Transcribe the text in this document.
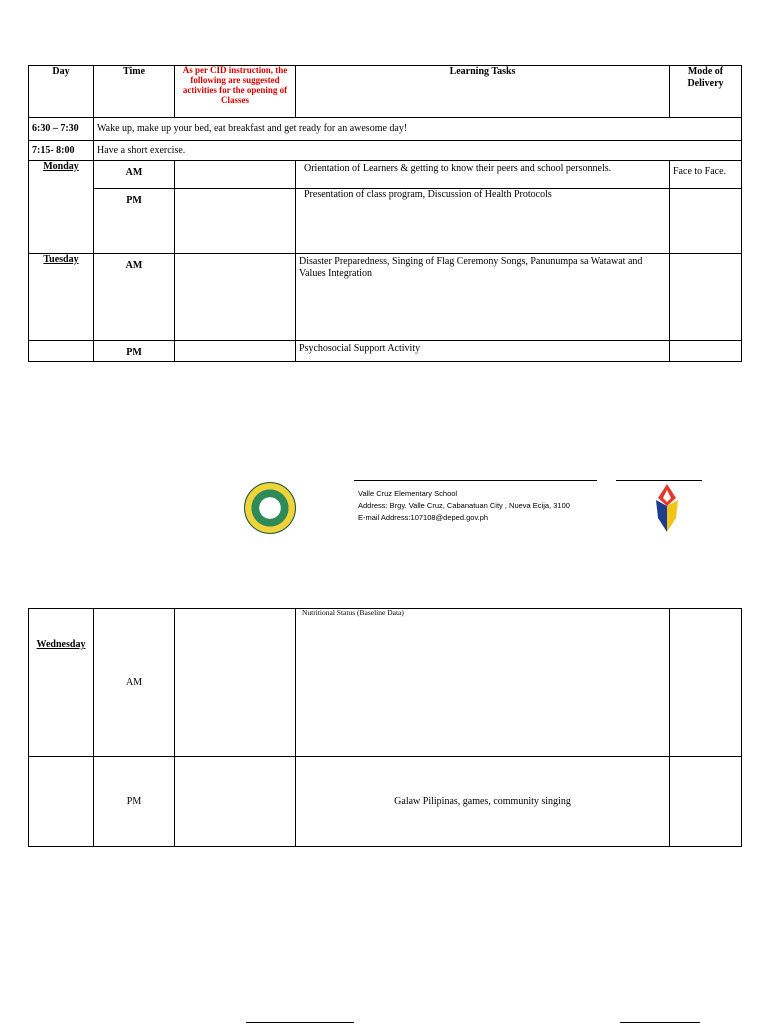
Day	Time	As per CID instruction, the following are suggested activities for the opening of Classes	Learning Tasks	Mode of Delivery
6:30 – 7:30	Wake up, make up your bed, eat breakfast and get ready for an awesome day!			
7:15- 8:00	Have a short exercise.			
Monday	AM		Orientation of Learners & getting to know their peers and school personnels.	Face to Face.
	PM		Presentation of class program, Discussion of Health Protocols	
Tuesday	AM		Disaster Preparedness, Singing of Flag Ceremony Songs, Panunumpa sa Watawat and Values Integration	
	PM		Psychosocial Support Activity	
Valle Cruz Elementary School
Address: Brgy. Valle Cruz, Cabanatuan City , Nueva Ecija, 3100
E-mail Address:107108@deped.gov.ph
Wednesday	AM		Nutritional Status (Baseline Data)	
	PM		Galaw Pilipinas, games, community singing	
